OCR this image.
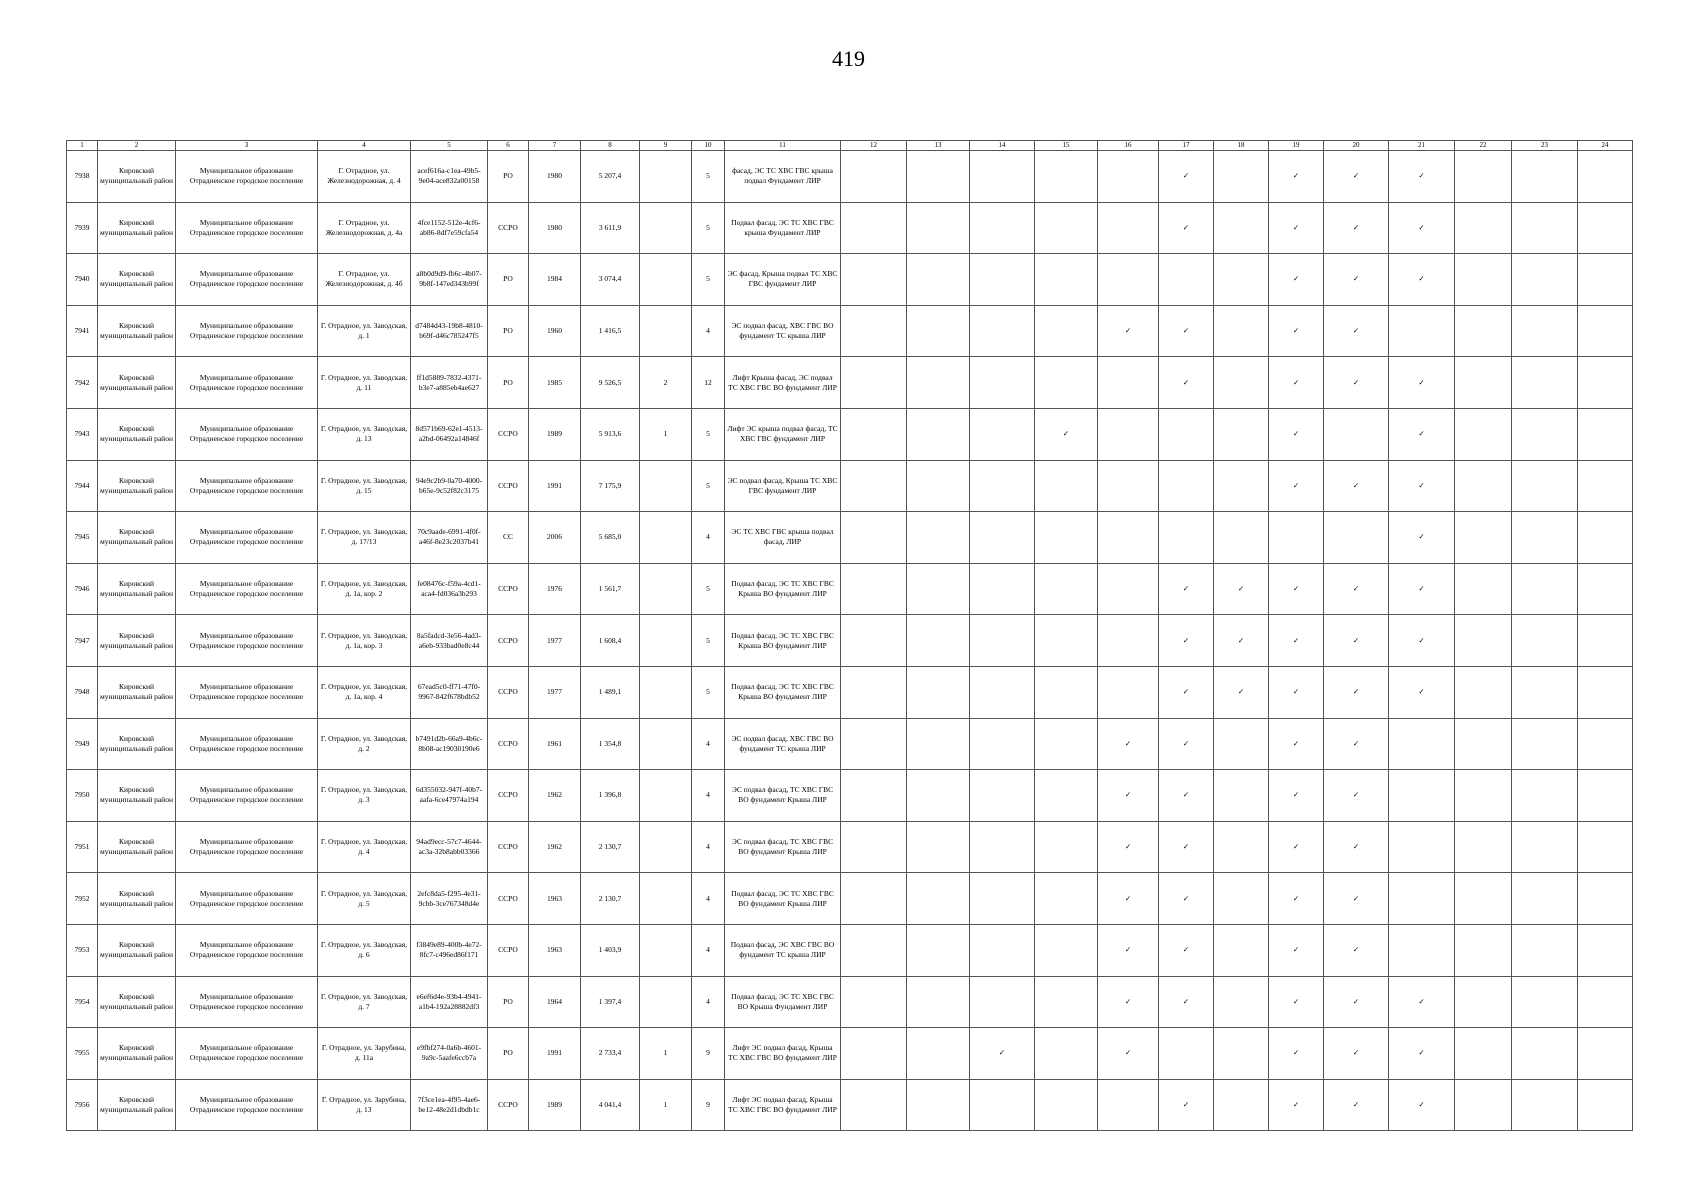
419
1	2	3	4	5	6	7	8	9	10	11	12	13	14	15	16	17	18	19	20	21	22	23	24
7938	Кировский муниципальный район	Муниципальное образование Отрадненское городское поселение	Г. Отрадное, ул. Железнодорожная, д. 4	acef616a-c1ea-49b5-9e04-ace832a00158	РО	1980	5 207,4		5	фасад, ЭС ТС ХВС ГВС крыша подвал Фундамент ЛИР						✓		✓	✓	✓			
7939	Кировский муниципальный район	Муниципальное образование Отрадненское городское поселение	Г. Отрадное, ул. Железнодорожная, д. 4а	4fce1152-512e-4cf6-ab86-8df7e59cfa54	ССРО	1980	3 611,9		5	Подвал фасад, ЭС ТС ХВС ГВС крыша Фундамент ЛИР						✓		✓	✓	✓			
7940	Кировский муниципальный район	Муниципальное образование Отрадненское городское поселение	Г. Отрадное, ул. Железнодорожная, д. 4б	a8b0d9d9-fb6c-4b07-9b8f-147ed343b99f	РО	1984	3 074,4		5	ЭС фасад, Крыша подвал ТС ХВС ГВС фундамент ЛИР								✓	✓	✓			
7941	Кировский муниципальный район	Муниципальное образование Отрадненское городское поселение	Г. Отрадное, ул. Заводская, д. 1	d7484d43-19b8-4810-b69f-d46c785247f5	РО	1960	1 416,5		4	ЭС подвал фасад, ХВС ГВС ВО фундамент ТС крыша ЛИР					✓	✓		✓	✓				
7942	Кировский муниципальный район	Муниципальное образование Отрадненское городское поселение	Г. Отрадное, ул. Заводская, д. 11	ff1d5889-7832-4371-b3e7-a885eb4ae627	РО	1985	9 526,5	2	12	Лифт Крыша фасад, ЭС подвал ТС ХВС ГВС ВО фундамент ЛИР						✓		✓	✓	✓			
7943	Кировский муниципальный район	Муниципальное образование Отрадненское городское поселение	Г. Отрадное, ул. Заводская, д. 13	8d571b69-62e1-4513-a2bd-06492a14846f	ССРО	1989	5 913,6	1	5	Лифт ЭС крыша подвал фасад, ТС ХВС ГВС фундамент ЛИР				✓				✓		✓			
7944	Кировский муниципальный район	Муниципальное образование Отрадненское городское поселение	Г. Отрадное, ул. Заводская, д. 15	94e9c2b9-0a70-4000-b65e-9c52f82c3175	ССРО	1991	7 175,9		5	ЭС подвал фасад, Крыша ТС ХВС ГВС фундамент ЛИР								✓	✓	✓			
7945	Кировский муниципальный район	Муниципальное образование Отрадненское городское поселение	Г. Отрадное, ул. Заводская, д. 17/13	70c9aade-6991-4f0f-a46f-8e23c2037b41	СС	2006	5 685,0		4	ЭС ТС ХВС ГВС крыша подвал фасад, ЛИР										✓			
7946	Кировский муниципальный район	Муниципальное образование Отрадненское городское поселение	Г. Отрадное, ул. Заводская, д. 1а, кор. 2	fe08476c-f59a-4cd1-aca4-fd036a3b293	ССРО	1976	1 561,7		5	Подвал фасад, ЭС ТС ХВС ГВС Крыша ВО фундамент ЛИР						✓	✓	✓	✓	✓			
7947	Кировский муниципальный район	Муниципальное образование Отрадненское городское поселение	Г. Отрадное, ул. Заводская, д. 1а, кор. 3	8a5fadcd-3e56-4ad3-a6eb-933bad0e8c44	ССРО	1977	1 608,4		5	Подвал фасад, ЭС ТС ХВС ГВС Крыша ВО фундамент ЛИР						✓	✓	✓	✓	✓			
7948	Кировский муниципальный район	Муниципальное образование Отрадненское городское поселение	Г. Отрадное, ул. Заводская, д. 1а, кор. 4	67ead5c0-ff71-47f0-9967-842f678bdb52	ССРО	1977	1 489,1		5	Подвал фасад, ЭС ТС ХВС ГВС Крыша ВО фундамент ЛИР						✓	✓	✓	✓	✓			
7949	Кировский муниципальный район	Муниципальное образование Отрадненское городское поселение	Г. Отрадное, ул. Заводская, д. 2	b7491d2b-66a9-4b6c-8b08-ac19030190e6	ССРО	1961	1 354,8		4	ЭС подвал фасад, ХВС ГВС ВО фундамент ТС крыша ЛИР					✓	✓		✓	✓				
7950	Кировский муниципальный район	Муниципальное образование Отрадненское городское поселение	Г. Отрадное, ул. Заводская, д. 3	6d355032-947f-40b7-aafa-6ce47974a194	ССРО	1962	1 396,8		4	ЭС подвал фасад, ТС ХВС ГВС ВО фундамент Крыша ЛИР					✓	✓		✓	✓				
7951	Кировский муниципальный район	Муниципальное образование Отрадненское городское поселение	Г. Отрадное, ул. Заводская, д. 4	94ad9ecc-57c7-4644-ac3a-32b8abb03366	ССРО	1962	2 130,7		4	ЭС подвал фасад, ТС ХВС ГВС ВО фундамент Крыша ЛИР					✓	✓		✓	✓				
7952	Кировский муниципальный район	Муниципальное образование Отрадненское городское поселение	Г. Отрадное, ул. Заводская, д. 5	2efc8da5-f295-4e31-9cbb-3ce767348d4e	ССРО	1963	2 130,7		4	Подвал фасад, ЭС ТС ХВС ГВС ВО фундамент Крыша ЛИР					✓	✓		✓	✓				
7953	Кировский муниципальный район	Муниципальное образование Отрадненское городское поселение	Г. Отрадное, ул. Заводская, д. 6	f3849e89-400b-4e72-8fc7-c496ed86f171	ССРО	1963	1 403,9		4	Подвал фасад, ЭС ХВС ГВС ВО фундамент ТС крыша ЛИР					✓	✓		✓	✓				
7954	Кировский муниципальный район	Муниципальное образование Отрадненское городское поселение	Г. Отрадное, ул. Заводская, д. 7	e6ef6d4e-93b4-4941-a1b4-192a28882df3	РО	1964	1 397,4		4	Подвал фасад, ЭС ТС ХВС ГВС ВО Крыша Фундамент ЛИР					✓	✓		✓	✓	✓			
7955	Кировский муниципальный район	Муниципальное образование Отрадненское городское поселение	Г. Отрадное, ул. Зарубина, д. 11а	e9fbf274-0a6b-4601-9a9c-5aafe6ccb7a	РО	1991	2 733,4	1	9	Лифт ЭС подвал фасад, Крыша ТС ХВС ГВС ВО фундамент ЛИР			✓		✓			✓	✓	✓			
7956	Кировский муниципальный район	Муниципальное образование Отрадненское городское поселение	Г. Отрадное, ул. Зарубина, д. 13	7f3ce1ea-4f95-4ae6-be12-48e2d1dbdb1c	ССРО	1989	4 041,4	1	9	Лифт ЭС подвал фасад, Крыша ТС ХВС ГВС ВО фундамент ЛИР						✓		✓	✓	✓			
